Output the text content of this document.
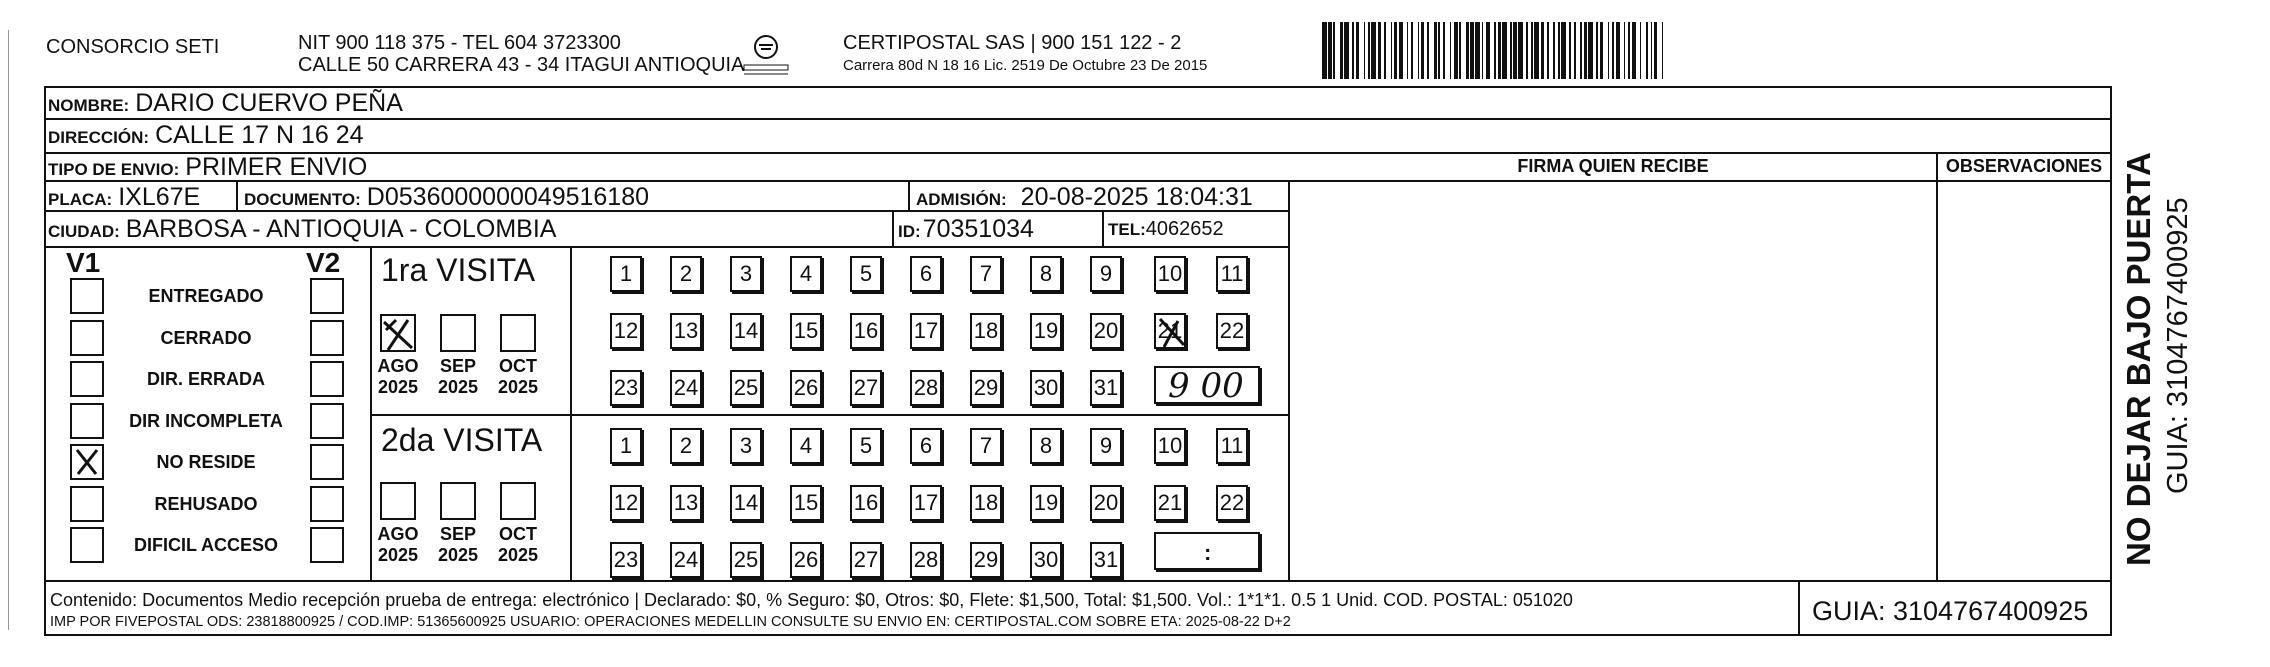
CONSORCIO SETI	NIT 900 118 375 - TEL 604 3723300
CALLE 50 CARRERA 43 - 34 ITAGUI ANTIOQUIA
CERTIPOSTAL SAS | 900 151 122 - 2
Carrera 80d N 18 16 Lic. 2519 De Octubre 23 De 2015
NOMBRE: DARIO CUERVO PEÑA
DIRECCIÓN: CALLE 17 N 16 24
TIPO DE ENVIO: PRIMER ENVIO	FIRMA QUIEN RECIBE	OBSERVACIONES
PLACA: IXL67E	DOCUMENTO: D0536000000049516180	ADMISIÓN: 20-08-2025 18:04:31
CIUDAD: BARBOSA - ANTIOQUIA - COLOMBIA	ID: 70351034	TEL: 4062652
V1	V2
ENTREGADO
CERRADO
DIR. ERRADA
DIR INCOMPLETA
NO RESIDE
REHUSADO
DIFICIL ACCESO
1ra VISITA
2da VISITA
AGO
2025
SEP
2025
OCT
2025
AGO
2025
SEP
2025
OCT
2025
1 2 3 4 5 6 7 8 9 10 11
12 13 14 15 16 17 18 19 20 21 22
23 24 25 26 27 28 29 30 31
1 2 3 4 5 6 7 8 9 10 11
12 13 14 15 16 17 18 19 20 21 22
23 24 25 26 27 28 29 30 31
9 00
:	NO DEJAR BAJO PUERTA GUIA: 3104767400925
Contenido: Documentos Medio recepción prueba de entrega: electrónico | Declarado: $0, % Seguro: $0, Otros: $0, Flete: $1,500, Total: $1,500. Vol.: 1*1*1. 0.5 1 Unid. COD. POSTAL: 051020
IMP POR FIVEPOSTAL ODS: 23818800925 / COD.IMP: 51365600925 USUARIO: OPERACIONES MEDELLIN CONSULTE SU ENVIO EN: CERTIPOSTAL.COM SOBRE ETA: 2025-08-22 D+2	GUIA: 3104767400925
